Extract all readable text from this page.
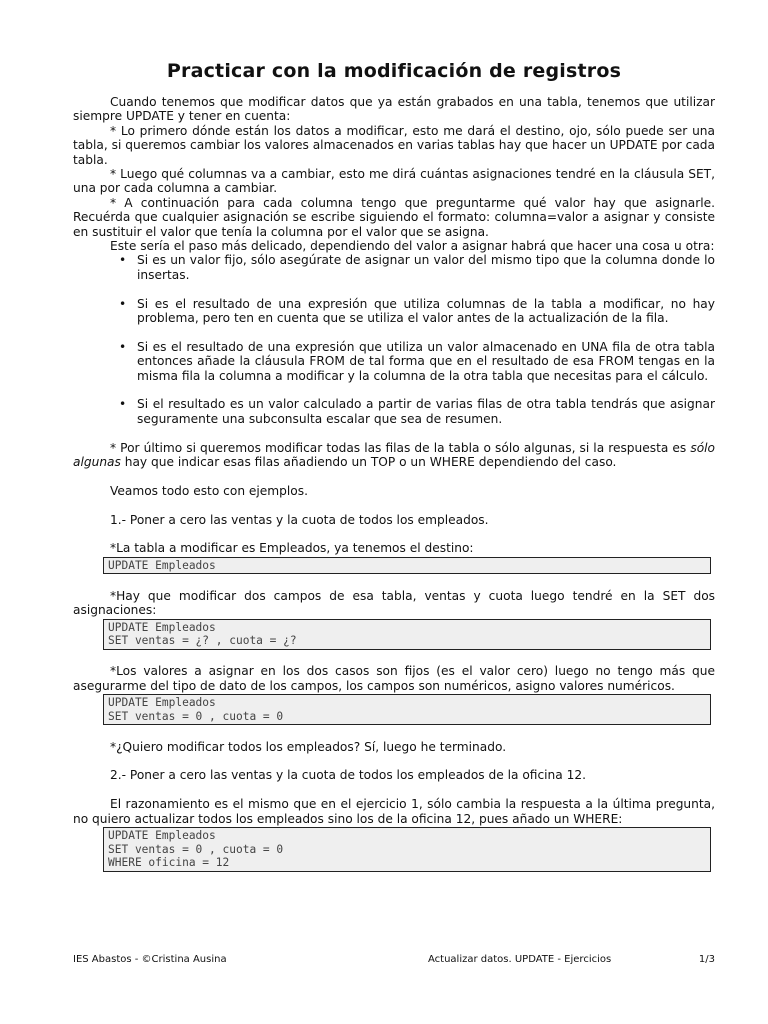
Practicar con la modificación de registros

Cuando tenemos que modificar datos que ya están grabados en una tabla, tenemos que utilizar siempre UPDATE y tener en cuenta:

* Lo primero dónde están los datos a modificar, esto me dará el destino, ojo, sólo puede ser una tabla, si queremos cambiar los valores almacenados en varias tablas hay que hacer un UPDATE por cada tabla.

* Luego qué columnas va a cambiar, esto me dirá cuántas asignaciones tendré en la cláusula SET, una por cada columna a cambiar.

* A continuación para cada columna tengo que preguntarme qué valor hay que asignarle. Recuérda que cualquier asignación se escribe siguiendo el formato: columna=valor a asignar y consiste en sustituir el valor que tenía la columna por el valor que se asigna.

Este sería el paso más delicado, dependiendo del valor a asignar habrá que hacer una cosa u otra:

• Si es un valor fijo, sólo asegúrate de asignar un valor del mismo tipo que la columna donde lo insertas.
• Si es el resultado de una expresión que utiliza columnas de la tabla a modificar, no hay problema, pero ten en cuenta que se utiliza el valor antes de la actualización de la fila.
• Si es el resultado de una expresión que utiliza un valor almacenado en UNA fila de otra tabla entonces añade la cláusula FROM de tal forma que en el resultado de esa FROM tengas en la misma fila la columna a modificar y la columna de la otra tabla que necesitas para el cálculo.
• Si el resultado es un valor calculado a partir de varias filas de otra tabla tendrás que asignar seguramente una subconsulta escalar que sea de resumen.

* Por último si queremos modificar todas las filas de la tabla o sólo algunas, si la respuesta es sólo algunas hay que indicar esas filas añadiendo un TOP o un WHERE dependiendo del caso.

Veamos todo esto con ejemplos.

1.- Poner a cero las ventas y la cuota de todos los empleados.

*La tabla a modificar es Empleados, ya tenemos el destino:

UPDATE Empleados

*Hay que modificar dos campos de esa tabla, ventas y cuota luego tendré en la SET dos asignaciones:

UPDATE Empleados
SET ventas = ¿? , cuota = ¿?

*Los valores a asignar en los dos casos son fijos (es el valor cero) luego no tengo más que asegurarme del tipo de dato de los campos, los campos son numéricos, asigno valores numéricos.

UPDATE Empleados
SET ventas = 0 , cuota = 0

*¿Quiero modificar todos los empleados? Sí, luego he terminado.

2.- Poner a cero las ventas y la cuota de todos los empleados de la oficina 12.

El razonamiento es el mismo que en el ejercicio 1, sólo cambia la respuesta a la última pregunta, no quiero actualizar todos los empleados sino los de la oficina 12, pues añado un WHERE:

UPDATE Empleados
SET ventas = 0 , cuota = 0
WHERE oficina = 12
IES Abastos - ©Cristina Ausina	Actualizar datos. UPDATE - Ejercicios	1/3
